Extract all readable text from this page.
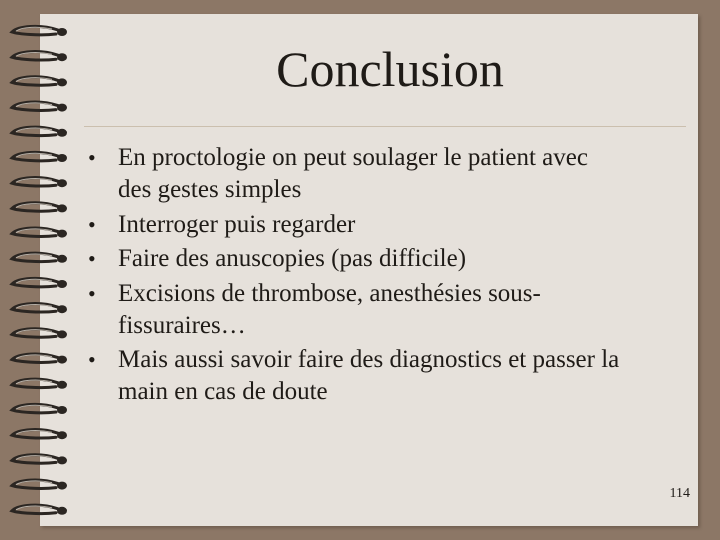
Conclusion
• En proctologie on peut soulager le patient avec des gestes simples
• Interroger puis regarder
• Faire des anuscopies (pas difficile)
• Excisions de thrombose, anesthésies sous-fissuraires…
• Mais aussi savoir faire des diagnostics et passer la main en cas de doute
114
